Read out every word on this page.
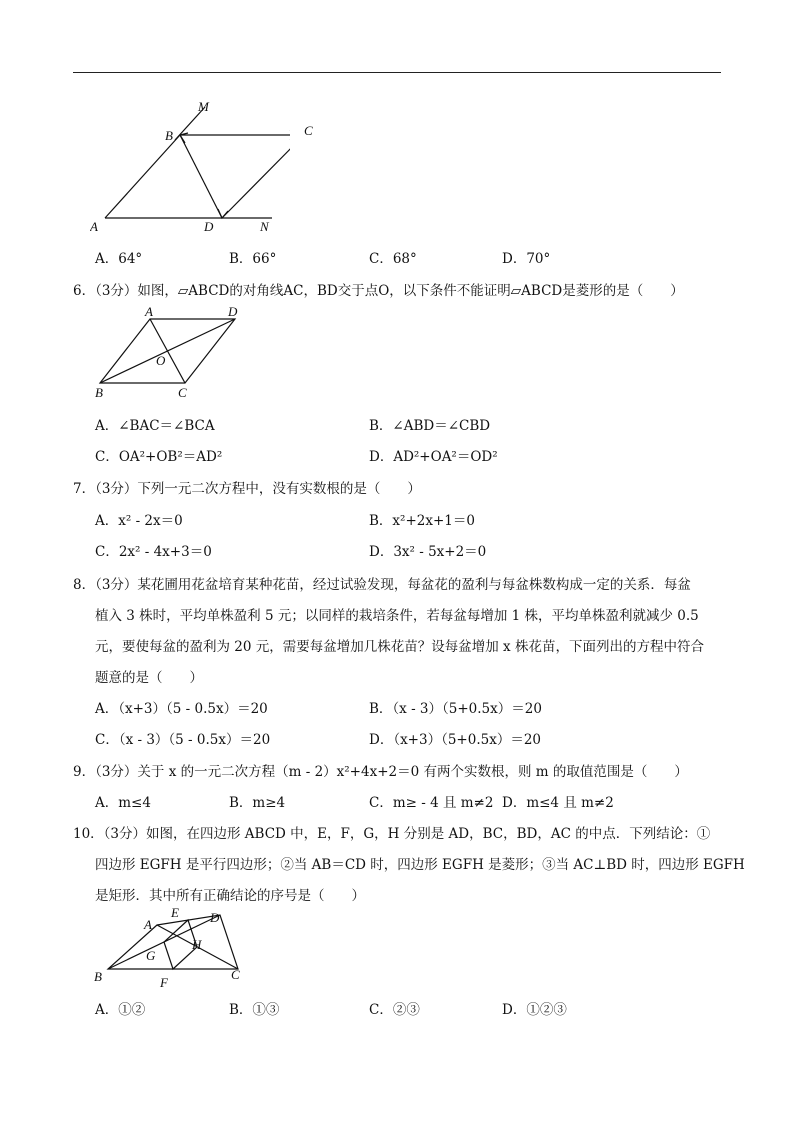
M
B
A	D	N
C
A．64°	B．66°	C．68°	D．70°
6．（3分）如图，▱ABCD的对角线AC，BD交于点O，以下条件不能证明▱ABCD是菱形的是（　　）
A	D
O
B	C
A．∠BAC＝∠BCA	B．∠ABD＝∠CBD
C．OA²+OB²＝AD²	D．AD²+OA²＝OD²
7．（3分）下列一元二次方程中，没有实数根的是（　　）
A．x² - 2x＝0	B．x²+2x+1＝0
C．2x² - 4x+3＝0	D．3x² - 5x+2＝0
8．（3分）某花圃用花盆培育某种花苗，经过试验发现，每盆花的盈利与每盆株数构成一定的关系．每盆
植入 3 株时，平均单株盈利 5 元；以同样的栽培条件，若每盆每增加 1 株，平均单株盈利就减少 0.5
元，要使每盆的盈利为 20 元，需要每盆增加几株花苗？设每盆增加 x 株花苗，下面列出的方程中符合
题意的是（　　）
A．（x+3）（5 - 0.5x）＝20	B．（x - 3）（5+0.5x）＝20
C．（x - 3）（5 - 0.5x）＝20	D．（x+3）（5+0.5x）＝20
9．（3分）关于 x 的一元二次方程（m - 2）x²+4x+2＝0 有两个实数根，则 m 的取值范围是（　　）
A．m≤4	B．m≥4	C．m≥ - 4 且 m≠2 D．m≤4 且 m≠2
10．（3分）如图，在四边形 ABCD 中，E，F，G，H 分别是 AD，BC，BD，AC 的中点．下列结论：①
四边形 EGFH 是平行四边形；②当 AB＝CD 时，四边形 EGFH 是菱形；③当 AC⊥BD 时，四边形 EGFH
是矩形．其中所有正确结论的序号是（　　）
A
E D
H
G
B	F
C
A．①②	B．①③	C．②③	D．①②③
